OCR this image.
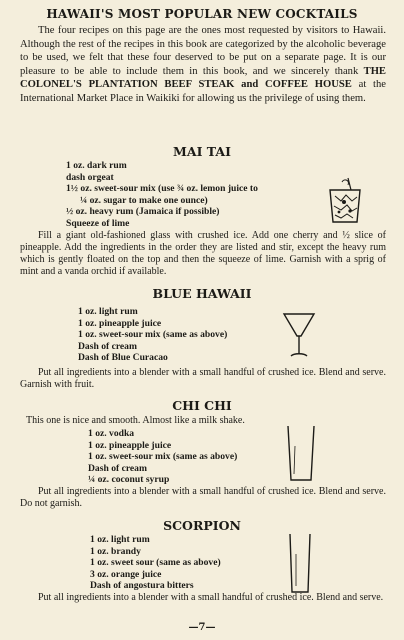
HAWAII'S MOST POPULAR NEW COCKTAILS

The four recipes on this page are the ones most requested by visitors to Hawaii. Although the rest of the recipes in this book are categorized by the alcoholic beverage to be used, we felt that these four deserved to be put on a separate page. It is our pleasure to be able to include them in this book, and we sincerely thank THE COLONEL'S PLANTATION BEEF STEAK and COFFEE HOUSE at the International Market Place in Waikiki for allowing us the privilege of using them.

MAI TAI
1 oz. dark rum
dash orgeat
1½ oz. sweet-sour mix (use ¾ oz. lemon juice to
¼ oz. sugar to make one ounce)
½ oz. heavy rum (Jamaica if possible)
Squeeze of lime

Fill a giant old-fashioned glass with crushed ice. Add one cherry and ½ slice of pineapple. Add the ingredients in the order they are listed and stir, except the heavy rum which is gently floated on the top and then the squeeze of lime. Garnish with a sprig of mint and a vanda orchid if available.

BLUE HAWAII
1 oz. light rum
1 oz. pineapple juice
1 oz. sweet-sour mix (same as above)
Dash of cream
Dash of Blue Curacao

Put all ingredients into a blender with a small handful of crushed ice. Blend and serve. Garnish with fruit.

CHI CHI

This one is nice and smooth. Almost like a milk shake.

1 oz. vodka
1 oz. pineapple juice
1 oz. sweet-sour mix (same as above)
Dash of cream
¼ oz. coconut syrup

Put all ingredients into a blender with a small handful of crushed ice. Blend and serve. Do not garnish.

SCORPION
1 oz. light rum
1 oz. brandy
1 oz. sweet sour (same as above)
3 oz. orange juice
Dash of angostura bitters

Put all ingredients into a blender with a small handful of crushed ice. Blend and serve.

—7—
